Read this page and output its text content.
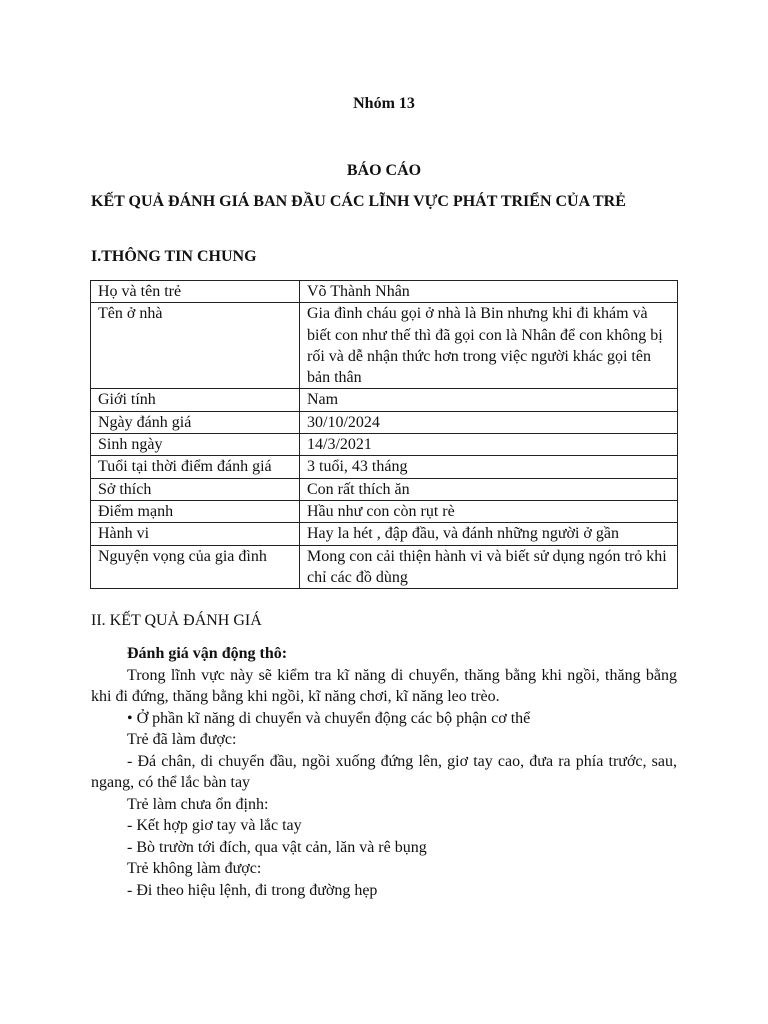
Nhóm 13
BÁO CÁO
KẾT QUẢ ĐÁNH GIÁ BAN ĐẦU CÁC LĨNH VỰC PHÁT TRIỂN CỦA TRẺ
I.THÔNG TIN CHUNG
Họ và tên trẻ	Võ Thành Nhân
Tên ở nhà	Gia đình cháu gọi ở nhà là Bin nhưng khi đi khám và biết con như thế thì đã gọi con là Nhân để con không bị rối và dễ nhận thức hơn trong việc người khác gọi tên bản thân
Giới tính	Nam
Ngày đánh giá	30/10/2024
Sinh ngày	14/3/2021
Tuổi tại thời điểm đánh giá	3 tuổi, 43 tháng
Sở thích	Con rất thích ăn
Điểm mạnh	Hầu như con còn rụt rè
Hành vi	Hay la hét , đập đầu, và đánh những người ở gần
Nguyện vọng của gia đình	Mong con cải thiện hành vi và biết sử dụng ngón trỏ khi chỉ các đồ dùng
II. KẾT QUẢ ĐÁNH GIÁ

Đánh giá vận động thô:

Trong lĩnh vực này sẽ kiểm tra kĩ năng di chuyển, thăng bằng khi ngồi, thăng bằng khi đi đứng, thăng bằng khi ngồi, kĩ năng chơi, kĩ năng leo trèo.

• Ở phần kĩ năng di chuyển và chuyển động các bộ phận cơ thể

Trẻ đã làm được:

- Đá chân, di chuyển đầu, ngồi xuống đứng lên, giơ tay cao, đưa ra phía trước, sau, ngang, có thể lắc bàn tay

Trẻ làm chưa ổn định:

- Kết hợp giơ tay và lắc tay

- Bò trườn tới đích, qua vật cản, lăn và rê bụng

Trẻ không làm được:

- Đi theo hiệu lệnh, đi trong đường hẹp
